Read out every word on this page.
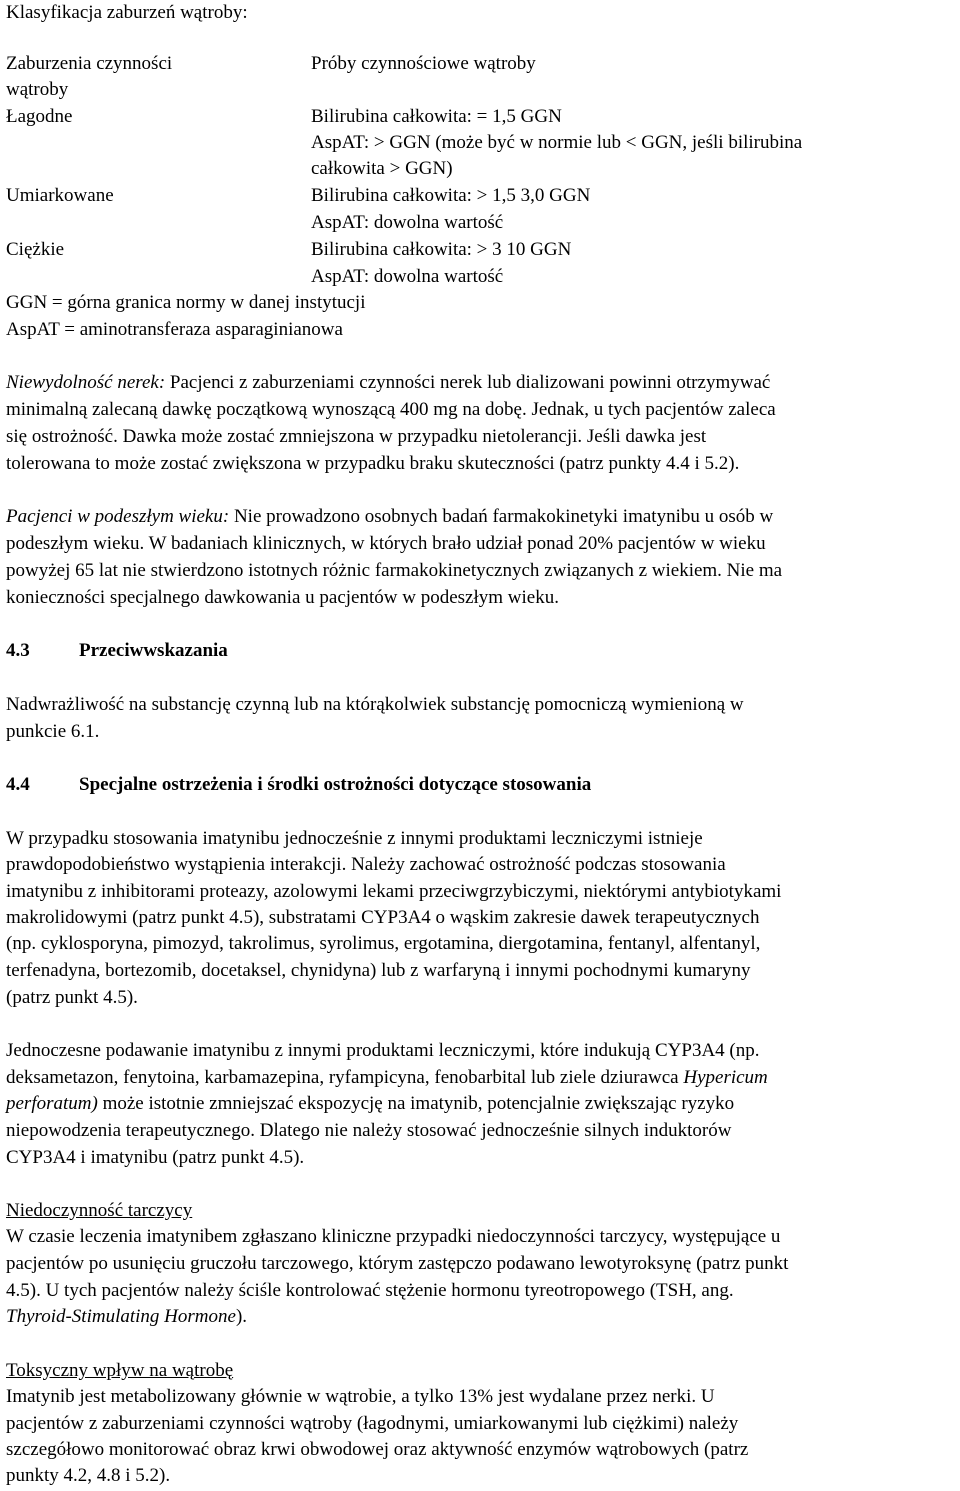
Klasyfikacja zaburzeń wątroby:
Zaburzenia czynności	Próby czynnościowe wątroby
wątroby
Łagodne	Bilirubina całkowita: = 1,5 GGN
AspAT: > GGN (może być w normie lub < GGN, jeśli bilirubina
całkowita > GGN)
Umiarkowane	Bilirubina całkowita: > 1,5 3,0 GGN
AspAT: dowolna wartość
Ciężkie	Bilirubina całkowita: > 3 10 GGN
AspAT: dowolna wartość
GGN = górna granica normy w danej instytucji
AspAT = aminotransferaza asparaginianowa
Niewydolność nerek: Pacjenci z zaburzeniami czynności nerek lub dializowani powinni otrzymywać
minimalną zalecaną dawkę początkową wynoszącą 400 mg na dobę. Jednak, u tych pacjentów zaleca
się ostrożność. Dawka może zostać zmniejszona w przypadku nietolerancji. Jeśli dawka jest
tolerowana to może zostać zwiększona w przypadku braku skuteczności (patrz punkty 4.4 i 5.2).
Pacjenci w podeszłym wieku: Nie prowadzono osobnych badań farmakokinetyki imatynibu u osób w
podeszłym wieku. W badaniach klinicznych, w których brało udział ponad 20% pacjentów w wieku
powyżej 65 lat nie stwierdzono istotnych różnic farmakokinetycznych związanych z wiekiem. Nie ma
konieczności specjalnego dawkowania u pacjentów w podeszłym wieku.
4.3	Przeciwwskazania
Nadwrażliwość na substancję czynną lub na którąkolwiek substancję pomocniczą wymienioną w
punkcie 6.1.
4.4	Specjalne ostrzeżenia i środki ostrożności dotyczące stosowania
W przypadku stosowania imatynibu jednocześnie z innymi produktami leczniczymi istnieje
prawdopodobieństwo wystąpienia interakcji. Należy zachować ostrożność podczas stosowania
imatynibu z inhibitorami proteazy, azolowymi lekami przeciwgrzybiczymi, niektórymi antybiotykami
makrolidowymi (patrz punkt 4.5), substratami CYP3A4 o wąskim zakresie dawek terapeutycznych
(np. cyklosporyna, pimozyd, takrolimus, syrolimus, ergotamina, diergotamina, fentanyl, alfentanyl,
terfenadyna, bortezomib, docetaksel, chynidyna) lub z warfaryną i innymi pochodnymi kumaryny
(patrz punkt 4.5).
Jednoczesne podawanie imatynibu z innymi produktami leczniczymi, które indukują CYP3A4 (np.
deksametazon, fenytoina, karbamazepina, ryfampicyna, fenobarbital lub ziele dziurawca Hypericum
perforatum) może istotnie zmniejszać ekspozycję na imatynib, potencjalnie zwiększając ryzyko
niepowodzenia terapeutycznego. Dlatego nie należy stosować jednocześnie silnych induktorów
CYP3A4 i imatynibu (patrz punkt 4.5).
Niedoczynność tarczycy
W czasie leczenia imatynibem zgłaszano kliniczne przypadki niedoczynności tarczycy, występujące u
pacjentów po usunięciu gruczołu tarczowego, którym zastępczo podawano lewotyroksynę (patrz punkt
4.5). U tych pacjentów należy ściśle kontrolować stężenie hormonu tyreotropowego (TSH, ang.
Thyroid-Stimulating Hormone).
Toksyczny wpływ na wątrobę
Imatynib jest metabolizowany głównie w wątrobie, a tylko 13% jest wydalane przez nerki. U
pacjentów z zaburzeniami czynności wątroby (łagodnymi, umiarkowanymi lub ciężkimi) należy
szczegółowo monitorować obraz krwi obwodowej oraz aktywność enzymów wątrobowych (patrz
punkty 4.2, 4.8 i 5.2).
